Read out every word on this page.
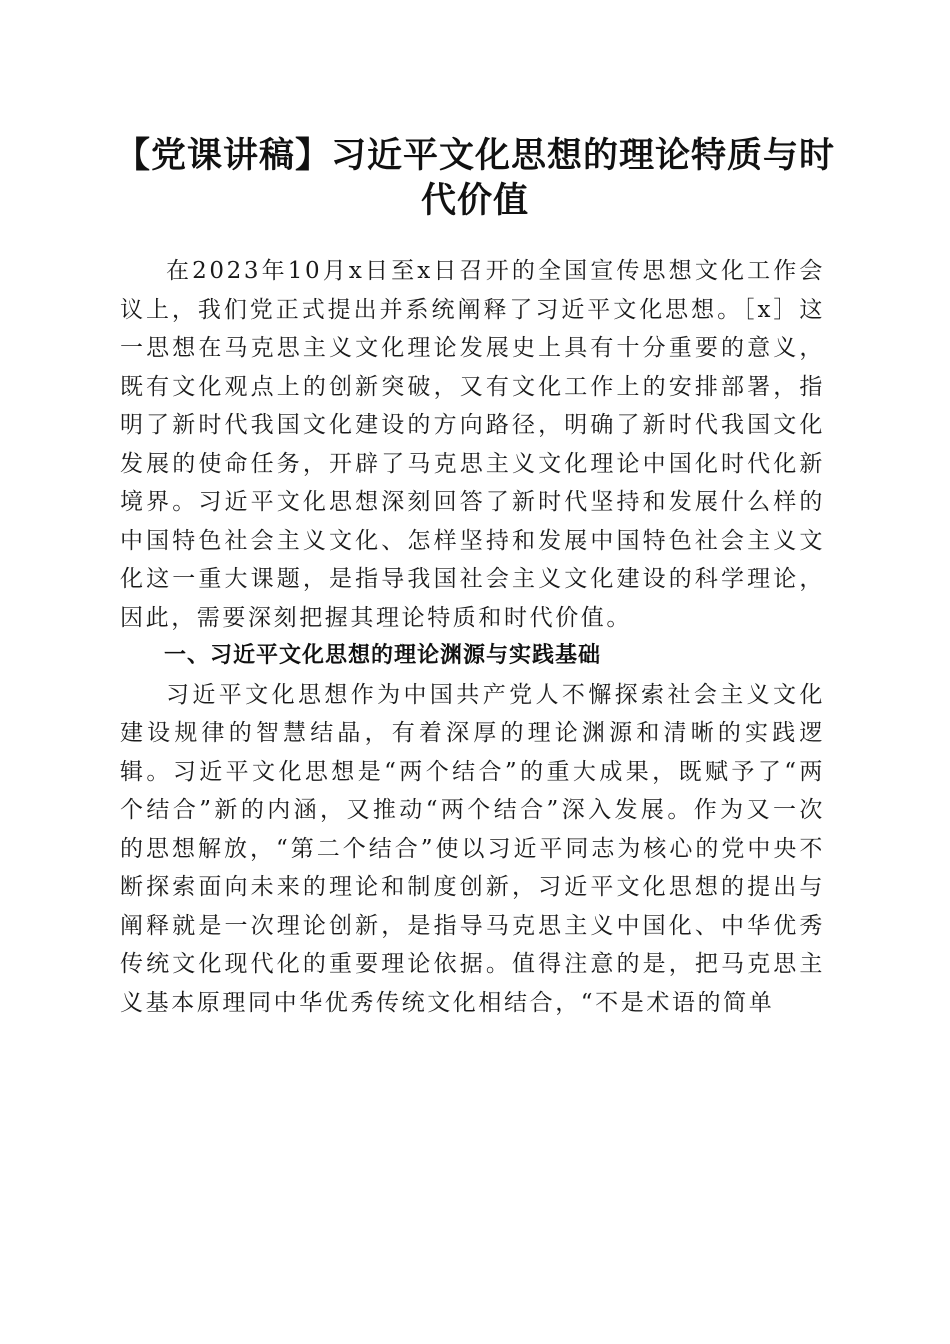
【党课讲稿】习近平文化思想的理论特质与时代价值

在2023年10月x日至x日召开的全国宣传思想文化工作会议上，我们党正式提出并系统阐释了习近平文化思想。［x］这一思想在马克思主义文化理论发展史上具有十分重要的意义，既有文化观点上的创新突破，又有文化工作上的安排部署，指明了新时代我国文化建设的方向路径，明确了新时代我国文化发展的使命任务，开辟了马克思主义文化理论中国化时代化新境界。习近平文化思想深刻回答了新时代坚持和发展什么样的中国特色社会主义文化、怎样坚持和发展中国特色社会主义文化这一重大课题，是指导我国社会主义文化建设的科学理论，因此，需要深刻把握其理论特质和时代价值。

一、习近平文化思想的理论渊源与实践基础

习近平文化思想作为中国共产党人不懈探索社会主义文化建设规律的智慧结晶，有着深厚的理论渊源和清晰的实践逻辑。习近平文化思想是“两个结合”的重大成果，既赋予了“两个结合”新的内涵，又推动“两个结合”深入发展。作为又一次的思想解放，“第二个结合”使以习近平同志为核心的党中央不断探索面向未来的理论和制度创新，习近平文化思想的提出与阐释就是一次理论创新，是指导马克思主义中国化、中华优秀传统文化现代化的重要理论依据。值得注意的是，把马克思主义基本原理同中华优秀传统文化相结合，“不是术语的简单
